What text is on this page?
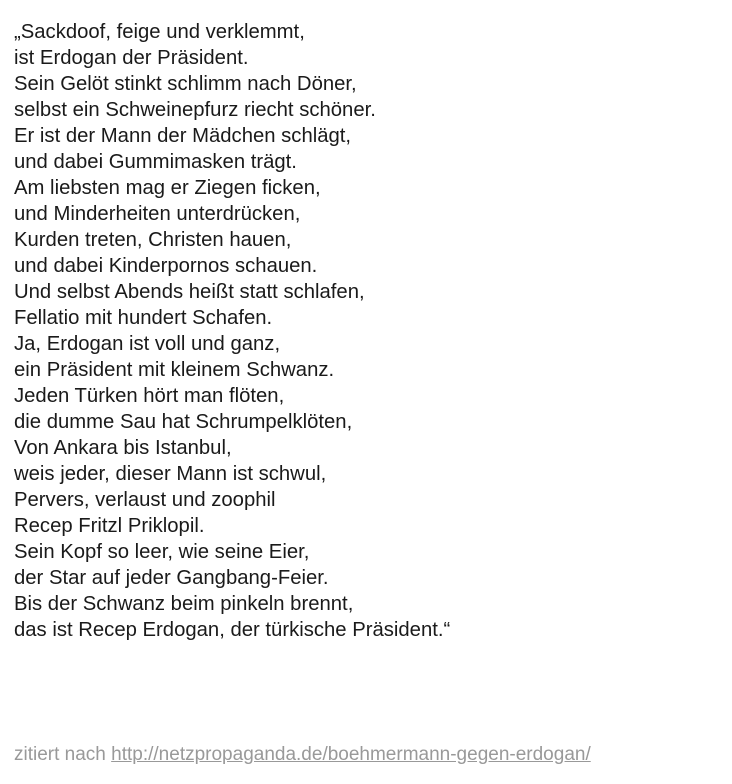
„Sackdoof, feige und verklemmt,
ist Erdogan der Präsident.
Sein Gelöt stinkt schlimm nach Döner,
selbst ein Schweinepfurz riecht schöner.
Er ist der Mann der Mädchen schlägt,
und dabei Gummimasken trägt.
Am liebsten mag er Ziegen ficken,
und Minderheiten unterdrücken,
Kurden treten, Christen hauen,
und dabei Kinderpornos schauen.
Und selbst Abends heißt statt schlafen,
Fellatio mit hundert Schafen.
Ja, Erdogan ist voll und ganz,
ein Präsident mit kleinem Schwanz.
Jeden Türken hört man flöten,
die dumme Sau hat Schrumpelklöten,
Von Ankara bis Istanbul,
weis jeder, dieser Mann ist schwul,
Pervers, verlaust und zoophil
Recep Fritzl Priklopil.
Sein Kopf so leer, wie seine Eier,
der Star auf jeder Gangbang-Feier.
Bis der Schwanz beim pinkeln brennt,
das ist Recep Erdogan, der türkische Präsident.“
zitiert nach http://netzpropaganda.de/boehmermann-gegen-erdogan/
